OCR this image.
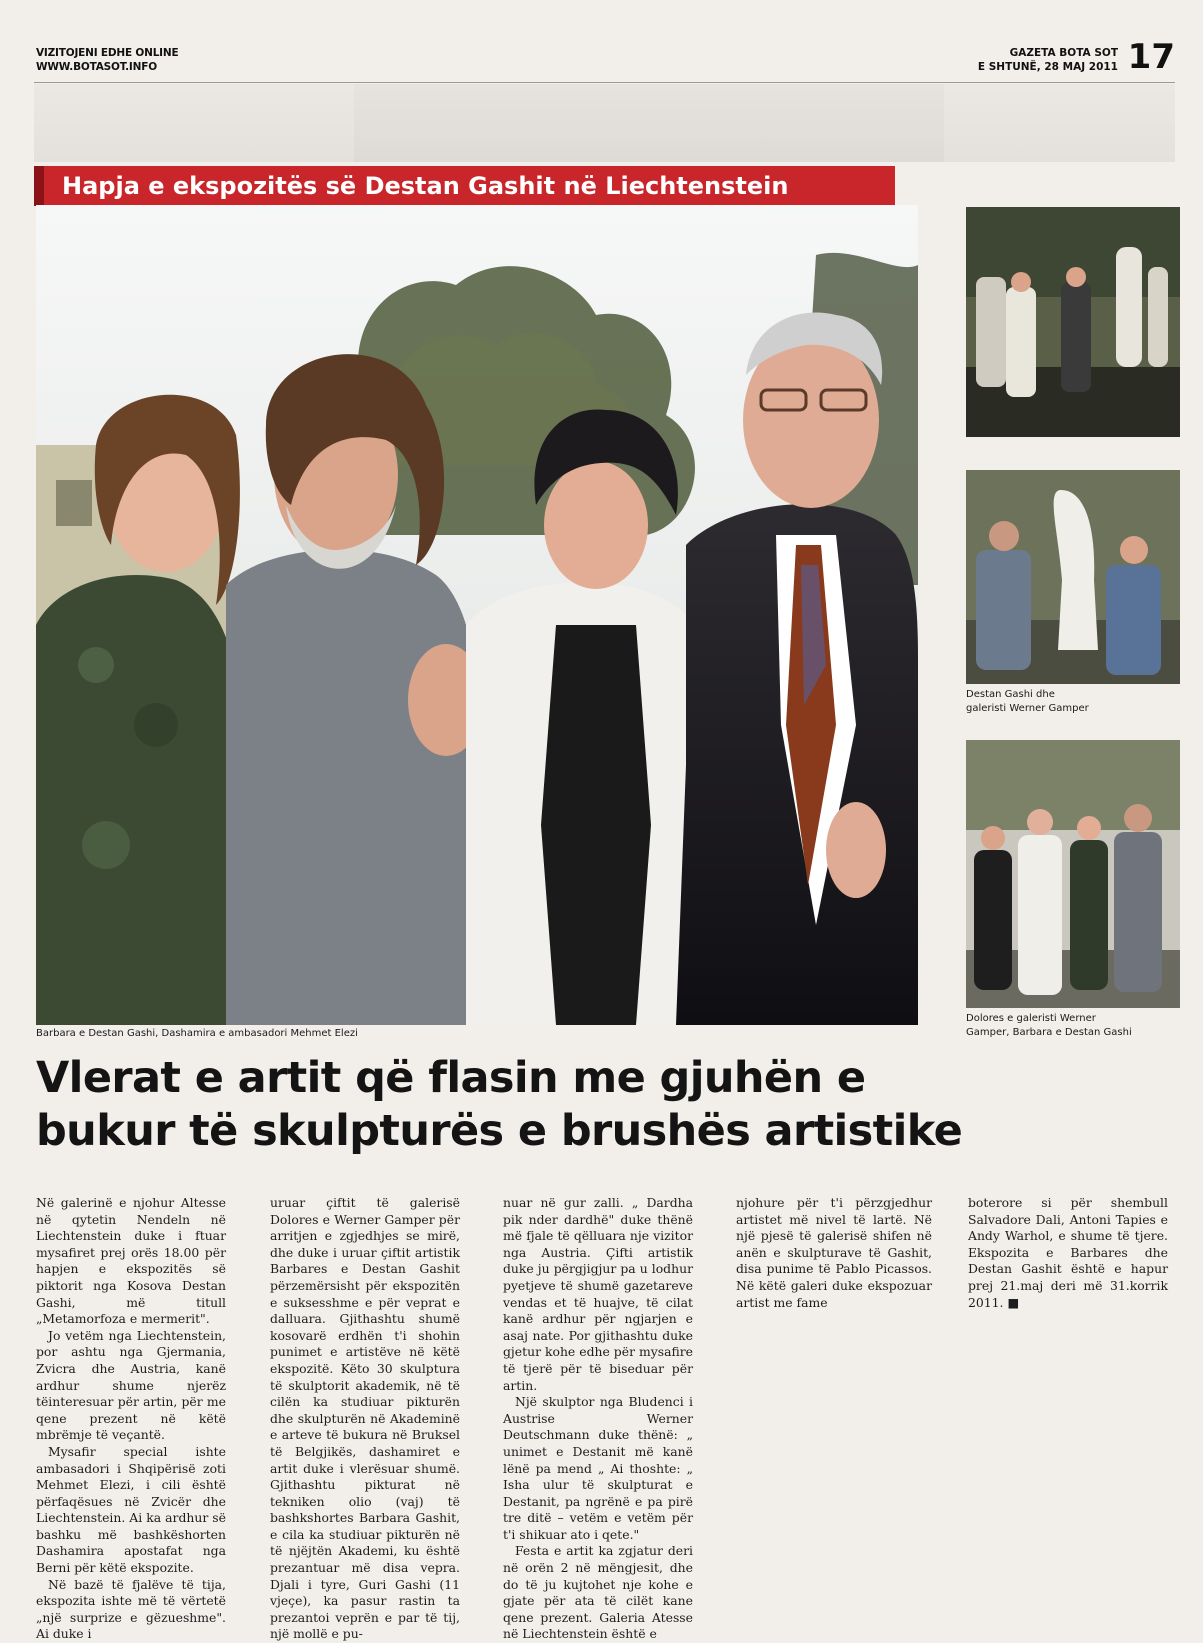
VIZITOJENI EDHE ONLINE
WWW.BOTASOT.INFO
GAZETA BOTA SOT
E SHTUNË, 28 MAJ 2011 17
Hapja e ekspozitës së Destan Gashit në Liechtenstein
Barbara e Destan Gashi, Dashamira e ambasadori Mehmet Elezi
Destan Gashi dhe
galeristi Werner Gamper
Dolores e galeristi Werner
Gamper, Barbara e Destan Gashi
Vlerat e artit që flasin me gjuhën e
bukur të skulpturës e brushës artistike

Në galerinë e njohur Altesse në qytetin Nendeln në Liechtenstein duke i ftuar mysafiret prej orës 18.00 për hapjen e ekspozitës së piktorit nga Kosova Destan Gashi, më titull „Metamorfoza e mermerit".

Jo vetëm nga Liechtenstein, por ashtu nga Gjermania, Zvicra dhe Austria, kanë ardhur shume njerëz tëinteresuar për artin, për me qene prezent në këtë mbrëmje të veçantë.

Mysafir special ishte ambasadori i Shqipërisë zoti Mehmet Elezi, i cili është përfaqësues në Zvicër dhe Liechtenstein. Ai ka ardhur së bashku më bashkëshorten Dashamira apostafat nga Berni për këtë ekspozite.

Në bazë të fjalëve të tija, ekspozita ishte më të vërtetë „një surprize e gëzueshme". Ai duke i

uruar çiftit të galerisë Dolores e Werner Gamper për arritjen e zgjedhjes se mirë, dhe duke i uruar çiftit artistik Barbares e Destan Gashit përzemërsisht për ekspozitën e suksesshme e për veprat e dalluara. Gjithashtu shumë kosovarë erdhën t'i shohin punimet e artistëve në këtë ekspozitë. Këto 30 skulptura të skulptorit akademik, në të cilën ka studiuar pikturën dhe skulpturën në Akademinë e arteve të bukura në Bruksel të Belgjikës, dashamiret e artit duke i vlerësuar shumë. Gjithashtu pikturat në tekniken olio (vaj) të bashkshortes Barbara Gashit, e cila ka studiuar pikturën në të njëjtën Akademi, ku është prezantuar më disa vepra. Djali i tyre, Guri Gashi (11 vjeçe), ka pasur rastin ta prezantoi veprën e par të tij, një mollë e pu-

nuar në gur zalli. „ Dardha pik nder dardhë" duke thënë më fjale të qëlluara nje vizitor nga Austria. Çifti artistik duke ju përgjigjur pa u lodhur pyetjeve të shumë gazetareve vendas et të huajve, të cilat kanë ardhur për ngjarjen e asaj nate. Por gjithashtu duke gjetur kohe edhe për mysafire të tjerë për të biseduar për artin.

Një skulptor nga Bludenci i Austrise Werner Deutschmann duke thënë: „ unimet e Destanit më kanë lënë pa mend „ Ai thoshte: „ Isha ulur të skulpturat e Destanit, pa ngrënë e pa pirë tre ditë – vetëm e vetëm për t'i shikuar ato i qete."

Festa e artit ka zgjatur deri në orën 2 në mëngjesit, dhe do të ju kujtohet nje kohe e gjate për ata të cilët kane qene prezent. Galeria Atesse në Liechtenstein është e

njohure për t'i përzgjedhur artistet më nivel të lartë. Në një pjesë të galerisë shifen në anën e skulpturave të Gashit, disa punime të Pablo Picassos. Në këtë galeri duke ekspozuar artist me fame

boterore si për shembull Salvadore Dali, Antoni Tapies e Andy Warhol, e shume të tjere. Ekspozita e Barbares dhe Destan Gashit është e hapur prej 21.maj deri më 31.korrik 2011. ■
